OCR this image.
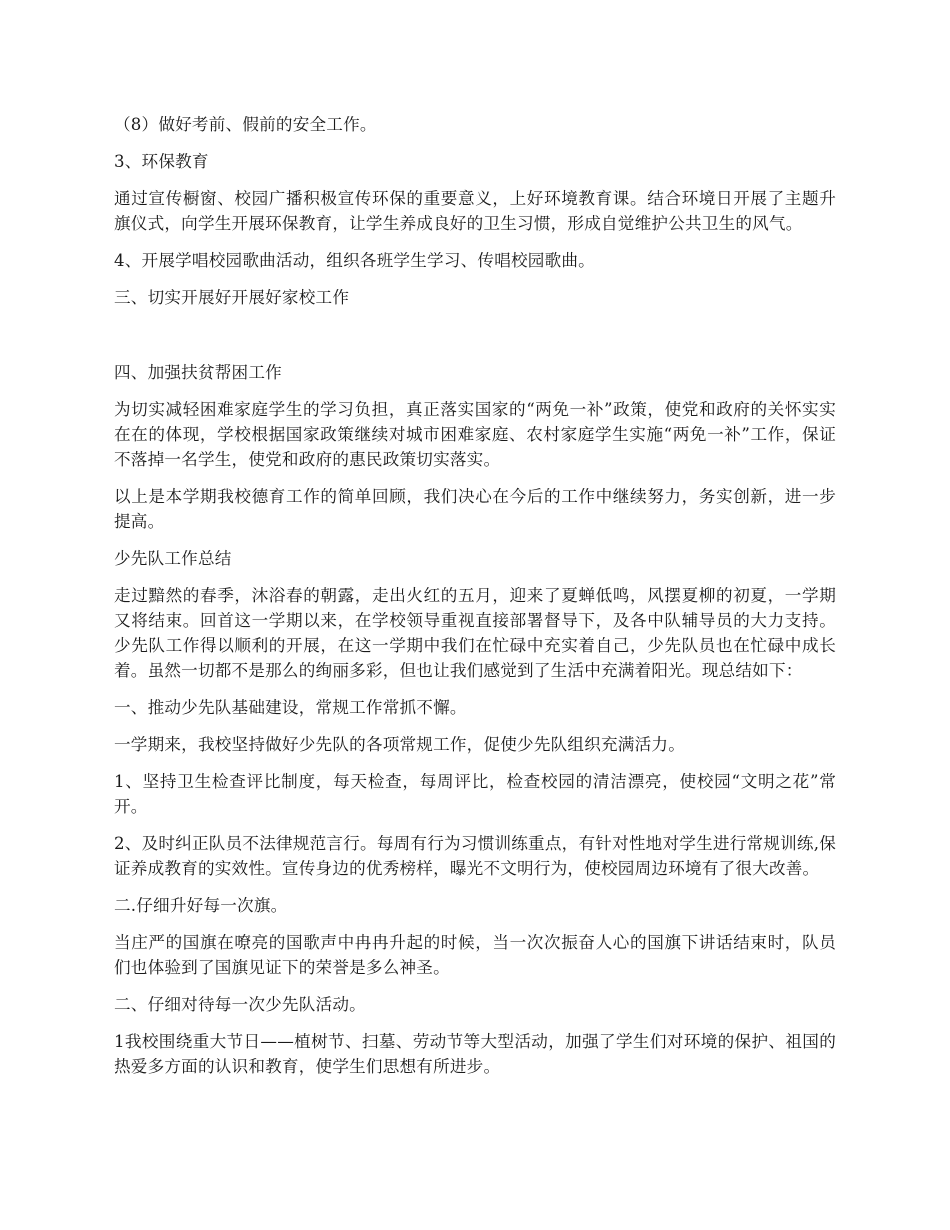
（8）做好考前、假前的安全工作。

3、环保教育

通过宣传橱窗、校园广播积极宣传环保的重要意义，上好环境教育课。结合环境日开展了主题升旗仪式，向学生开展环保教育，让学生养成良好的卫生习惯，形成自觉维护公共卫生的风气。

4、开展学唱校园歌曲活动，组织各班学生学习、传唱校园歌曲。

三、切实开展好开展好家校工作

四、加强扶贫帮困工作

为切实减轻困难家庭学生的学习负担，真正落实国家的“两免一补”政策，使党和政府的关怀实实在在的体现，学校根据国家政策继续对城市困难家庭、农村家庭学生实施“两免一补”工作，保证不落掉一名学生，使党和政府的惠民政策切实落实。

以上是本学期我校德育工作的简单回顾，我们决心在今后的工作中继续努力，务实创新，进一步提高。

少先队工作总结

走过黯然的春季，沐浴春的朝露，走出火红的五月，迎来了夏蝉低鸣，风摆夏柳的初夏，一学期又将结束。回首这一学期以来，在学校领导重视直接部署督导下，及各中队辅导员的大力支持。少先队工作得以顺利的开展，在这一学期中我们在忙碌中充实着自己，少先队员也在忙碌中成长着。虽然一切都不是那么的绚丽多彩，但也让我们感觉到了生活中充满着阳光。现总结如下：

一、推动少先队基础建设，常规工作常抓不懈。

一学期来，我校坚持做好少先队的各项常规工作，促使少先队组织充满活力。

1、坚持卫生检查评比制度，每天检查，每周评比，检查校园的清洁漂亮，使校园“文明之花”常开。

2、及时纠正队员不法律规范言行。每周有行为习惯训练重点，有针对性地对学生进行常规训练,保证养成教育的实效性。宣传身边的优秀榜样，曝光不文明行为，使校园周边环境有了很大改善。

二.仔细升好每一次旗。

当庄严的国旗在嘹亮的国歌声中冉冉升起的时候，当一次次振奋人心的国旗下讲话结束时，队员们也体验到了国旗见证下的荣誉是多么神圣。

二、仔细对待每一次少先队活动。

1我校围绕重大节日——植树节、扫墓、劳动节等大型活动，加强了学生们对环境的保护、祖国的热爱多方面的认识和教育，使学生们思想有所进步。
